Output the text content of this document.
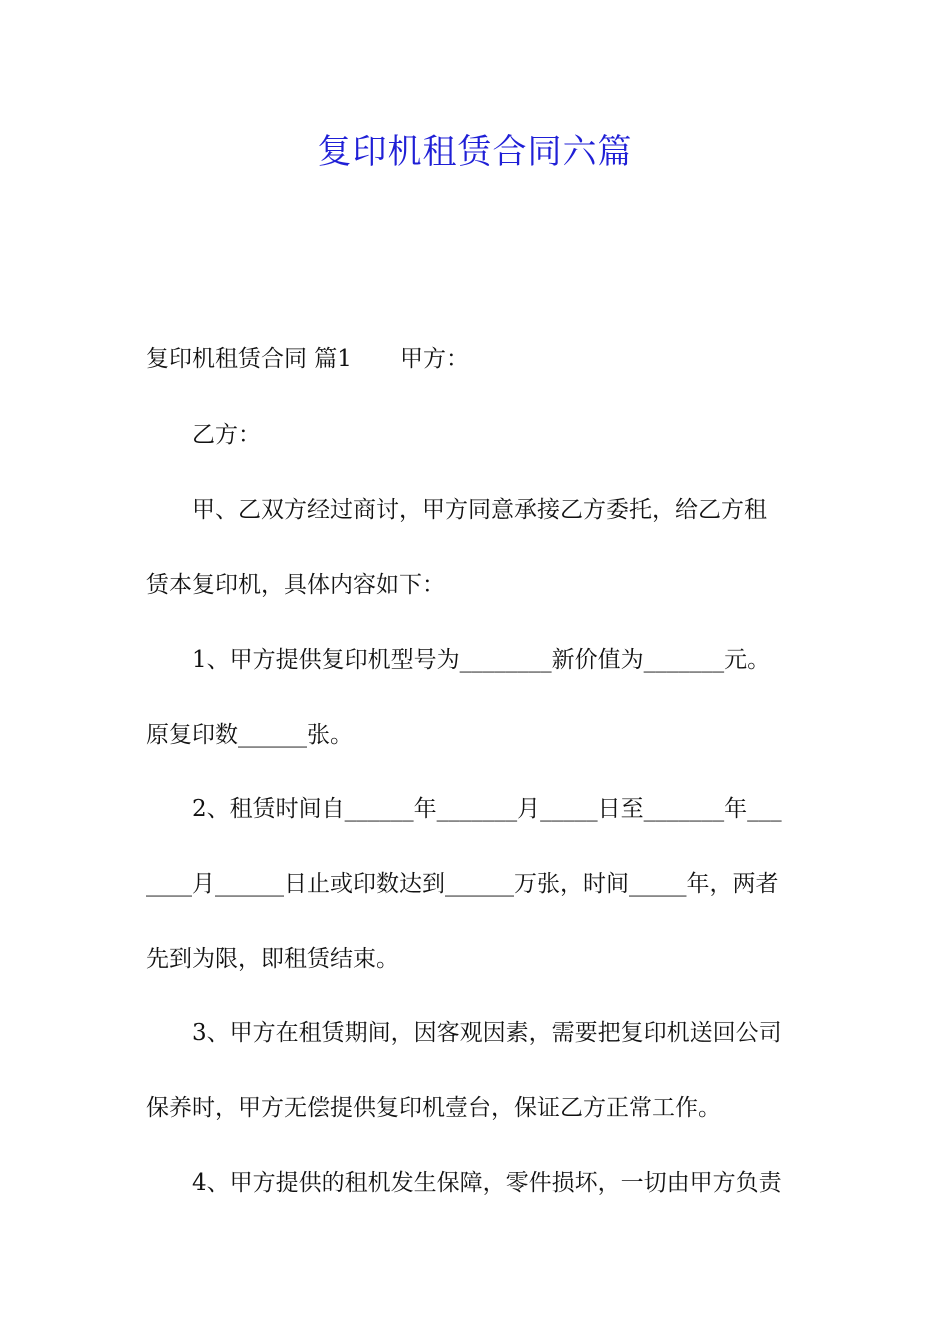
复印机租赁合同六篇
复印机租赁合同 篇1 甲方：
乙方：
甲、乙双方经过商讨，甲方同意承接乙方委托，给乙方租
赁本复印机，具体内容如下：
1、甲方提供复印机型号为________新价值为_______元。
原复印数______张。
2、租赁时间自______年_______月_____日至_______年___
____月______日止或印数达到______万张，时间_____年，两者
先到为限，即租赁结束。
3、甲方在租赁期间，因客观因素，需要把复印机送回公司
保养时，甲方无偿提供复印机壹台，保证乙方正常工作。
4、甲方提供的租机发生保障，零件损坏，一切由甲方负责
